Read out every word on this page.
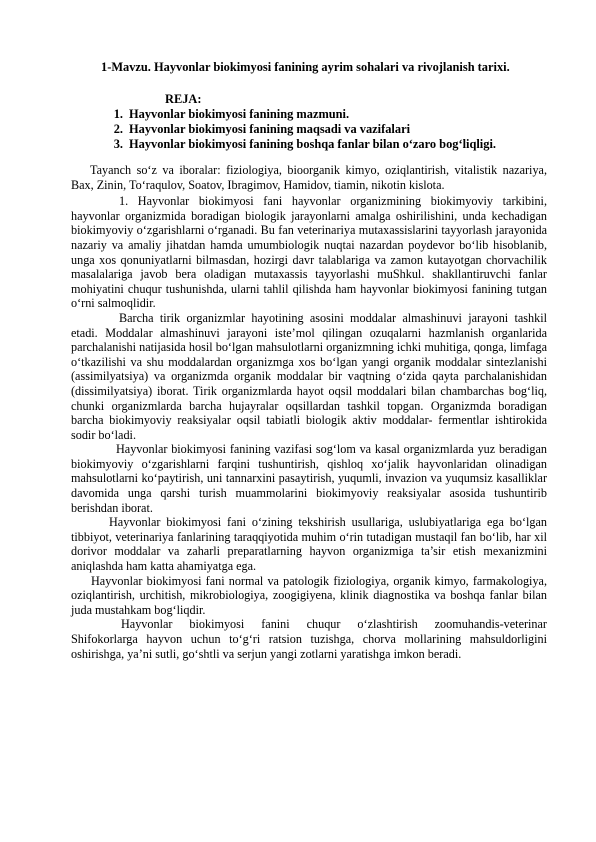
1-Mavzu. Hayvonlar biokimyosi fanining ayrim sohalari va rivojlanish tarixi.
REJA:
1. Hayvonlar biokimyosi fanining mazmuni.
2. Hayvonlar biokimyosi fanining maqsadi va vazifalari
3. Hayvonlar biokimyosi fanining boshqa fanlar bilan o‘zaro bog‘liqligi.

Tayanch so‘z va iboralar: fiziologiya, bioorganik kimyo, oziqlantirish, vitalistik nazariya, Bax, Zinin, To‘raqulov, Soatov, Ibragimov, Hamidov, tiamin, nikotin kislota.

1. Hayvonlar biokimyosi fani hayvonlar organizmining biokimyoviy tarkibini, hayvonlar organizmida boradigan biologik jarayonlarni amalga oshirilishini, unda kechadigan biokimyoviy o‘zgarishlarni o‘rganadi. Bu fan veterinariya mutaxassislarini tayyorlash jarayonida nazariy va amaliy jihatdan hamda umumbiologik nuqtai nazardan poydevor bo‘lib hisoblanib, unga xos qonuniyatlarni bilmasdan, hozirgi davr talablariga va zamon kutayotgan chorvachilik masalalariga javob bera oladigan mutaxassis tayyorlashi muShkul. shakllantiruvchi fanlar mohiyatini chuqur tushunishda, ularni tahlil qilishda ham hayvonlar biokimyosi fanining tutgan o‘rni salmoqlidir.

Barcha tirik organizmlar hayotining asosini moddalar almashinuvi jarayoni tashkil etadi. Moddalar almashinuvi jarayoni iste’mol qilingan ozuqalarni hazmlanish organlarida parchalanishi natijasida hosil bo‘lgan mahsulotlarni organizmning ichki muhitiga, qonga, limfaga o‘tkazilishi va shu moddalardan organizmga xos bo‘lgan yangi organik moddalar sintezlanishi (assimilyatsiya) va organizmda organik moddalar bir vaqtning o‘zida qayta parchalanishidan (dissimilyatsiya) iborat. Tirik organizmlarda hayot oqsil moddalari bilan chambarchas bog‘liq, chunki organizmlarda barcha hujayralar oqsillardan tashkil topgan. Organizmda boradigan barcha biokimyoviy reaksiyalar oqsil tabiatli biologik aktiv moddalar- fermentlar ishtirokida sodir bo‘ladi.

Hayvonlar biokimyosi fanining vazifasi sog‘lom va kasal organizmlarda yuz beradigan biokimyoviy o‘zgarishlarni farqini tushuntirish, qishloq xo‘jalik hayvonlaridan olinadigan mahsulotlarni ko‘paytirish, uni tannarxini pasaytirish, yuqumli, invazion va yuqumsiz kasalliklar davomida unga qarshi turish muammolarini biokimyoviy reaksiyalar asosida tushuntirib berishdan iborat.

Hayvonlar biokimyosi fani o‘zining tekshirish usullariga, uslubiyatlariga ega bo‘lgan tibbiyot, veterinariya fanlarining taraqqiyotida muhim o‘rin tutadigan mustaqil fan bo‘lib, har xil dorivor moddalar va zaharli preparatlarning hayvon organizmiga ta’sir etish mexanizmini aniqlashda ham katta ahamiyatga ega.

Hayvonlar biokimyosi fani normal va patologik fiziologiya, organik kimyo, farmakologiya, oziqlantirish, urchitish, mikrobiologiya, zoogigiyena, klinik diagnostika va boshqa fanlar bilan juda mustahkam bog‘liqdir.

Hayvonlar biokimyosi fanini chuqur o‘zlashtirish zoomuhandis-veterinar Shifokorlarga hayvon uchun to‘g‘ri ratsion tuzishga, chorva mollarining mahsuldorligini oshirishga, ya’ni sutli, go‘shtli va serjun yangi zotlarni yaratishga imkon beradi.
